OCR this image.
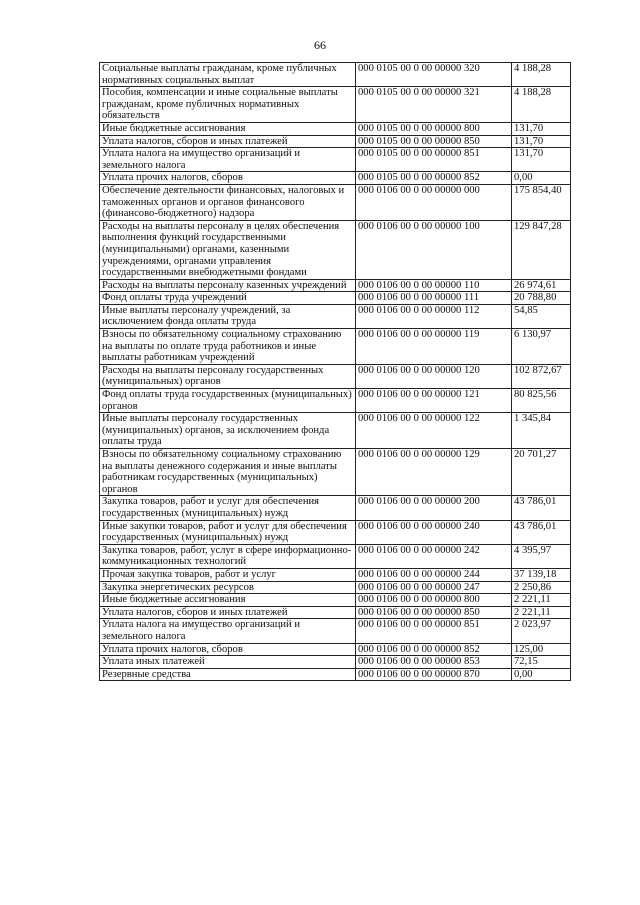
66
Социальные выплаты гражданам, кроме публичных нормативных социальных выплат	000 0105 00 0 00 00000 320	4 188,28
Пособия, компенсации и иные социальные выплаты гражданам, кроме публичных нормативных обязательств	000 0105 00 0 00 00000 321	4 188,28
Иные бюджетные ассигнования	000 0105 00 0 00 00000 800	131,70
Уплата налогов, сборов и иных платежей	000 0105 00 0 00 00000 850	131,70
Уплата налога на имущество организаций и земельного налога	000 0105 00 0 00 00000 851	131,70
Уплата прочих налогов, сборов	000 0105 00 0 00 00000 852	0,00
Обеспечение деятельности финансовых, налоговых и таможенных органов и органов финансового (финансово-бюджетного) надзора	000 0106 00 0 00 00000 000	175 854,40
Расходы на выплаты персоналу в целях обеспечения выполнения функций государственными (муниципальными) органами, казенными учреждениями, органами управления государственными внебюджетными фондами	000 0106 00 0 00 00000 100	129 847,28
Расходы на выплаты персоналу казенных учреждений	000 0106 00 0 00 00000 110	26 974,61
Фонд оплаты труда учреждений	000 0106 00 0 00 00000 111	20 788,80
Иные выплаты персоналу учреждений, за исключением фонда оплаты труда	000 0106 00 0 00 00000 112	54,85
Взносы по обязательному социальному страхованию на выплаты по оплате труда работников и иные выплаты работникам учреждений	000 0106 00 0 00 00000 119	6 130,97
Расходы на выплаты персоналу государственных (муниципальных) органов	000 0106 00 0 00 00000 120	102 872,67
Фонд оплаты труда государственных (муниципальных) органов	000 0106 00 0 00 00000 121	80 825,56
Иные выплаты персоналу государственных (муниципальных) органов, за исключением фонда оплаты труда	000 0106 00 0 00 00000 122	1 345,84
Взносы по обязательному социальному страхованию на выплаты денежного содержания и иные выплаты работникам государственных (муниципальных) органов	000 0106 00 0 00 00000 129	20 701,27
Закупка товаров, работ и услуг для обеспечения государственных (муниципальных) нужд	000 0106 00 0 00 00000 200	43 786,01
Иные закупки товаров, работ и услуг для обеспечения государственных (муниципальных) нужд	000 0106 00 0 00 00000 240	43 786,01
Закупка товаров, работ, услуг в сфере информационно-коммуникационных технологий	000 0106 00 0 00 00000 242	4 395,97
Прочая закупка товаров, работ и услуг	000 0106 00 0 00 00000 244	37 139,18
Закупка энергетических ресурсов	000 0106 00 0 00 00000 247	2 250,86
Иные бюджетные ассигнования	000 0106 00 0 00 00000 800	2 221,11
Уплата налогов, сборов и иных платежей	000 0106 00 0 00 00000 850	2 221,11
Уплата налога на имущество организаций и земельного налога	000 0106 00 0 00 00000 851	2 023,97
Уплата прочих налогов, сборов	000 0106 00 0 00 00000 852	125,00
Уплата иных платежей	000 0106 00 0 00 00000 853	72,15
Резервные средства	000 0106 00 0 00 00000 870	0,00
